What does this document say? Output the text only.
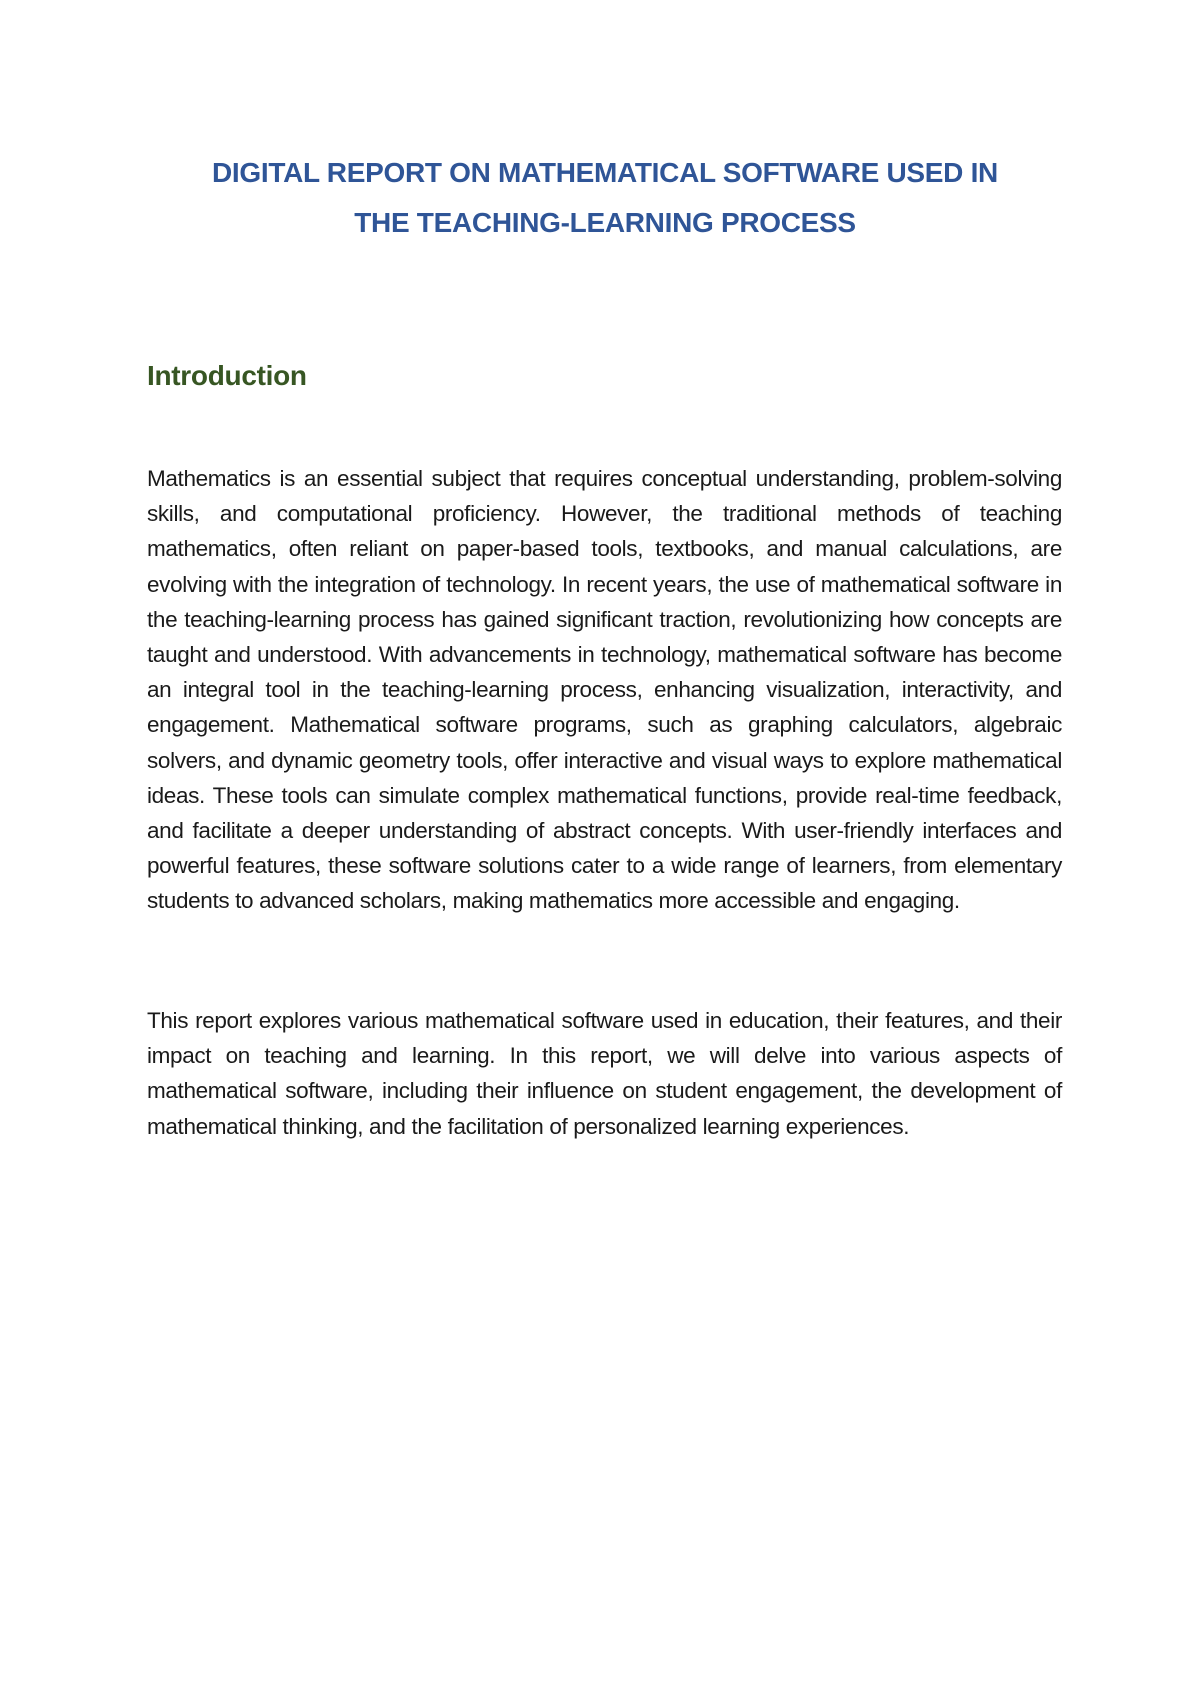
DIGITAL REPORT ON MATHEMATICAL SOFTWARE USED IN
THE TEACHING-LEARNING PROCESS
Introduction

Mathematics is an essential subject that requires conceptual understanding, problem-solving skills, and computational proficiency. However, the traditional methods of teaching mathematics, often reliant on paper-based tools, textbooks, and manual calculations, are evolving with the integration of technology. In recent years, the use of mathematical software in the teaching-learning process has gained significant traction, revolutionizing how concepts are taught and understood. With advancements in technology, mathematical software has become an integral tool in the teaching-learning process, enhancing visualization, interactivity, and engagement. Mathematical software programs, such as graphing calculators, algebraic solvers, and dynamic geometry tools, offer interactive and visual ways to explore mathematical ideas. These tools can simulate complex mathematical functions, provide real-time feedback, and facilitate a deeper understanding of abstract concepts. With user-friendly interfaces and powerful features, these software solutions cater to a wide range of learners, from elementary students to advanced scholars, making mathematics more accessible and engaging.

This report explores various mathematical software used in education, their features, and their impact on teaching and learning. In this report, we will delve into various aspects of mathematical software, including their influence on student engagement, the development of mathematical thinking, and the facilitation of personalized learning experiences.
